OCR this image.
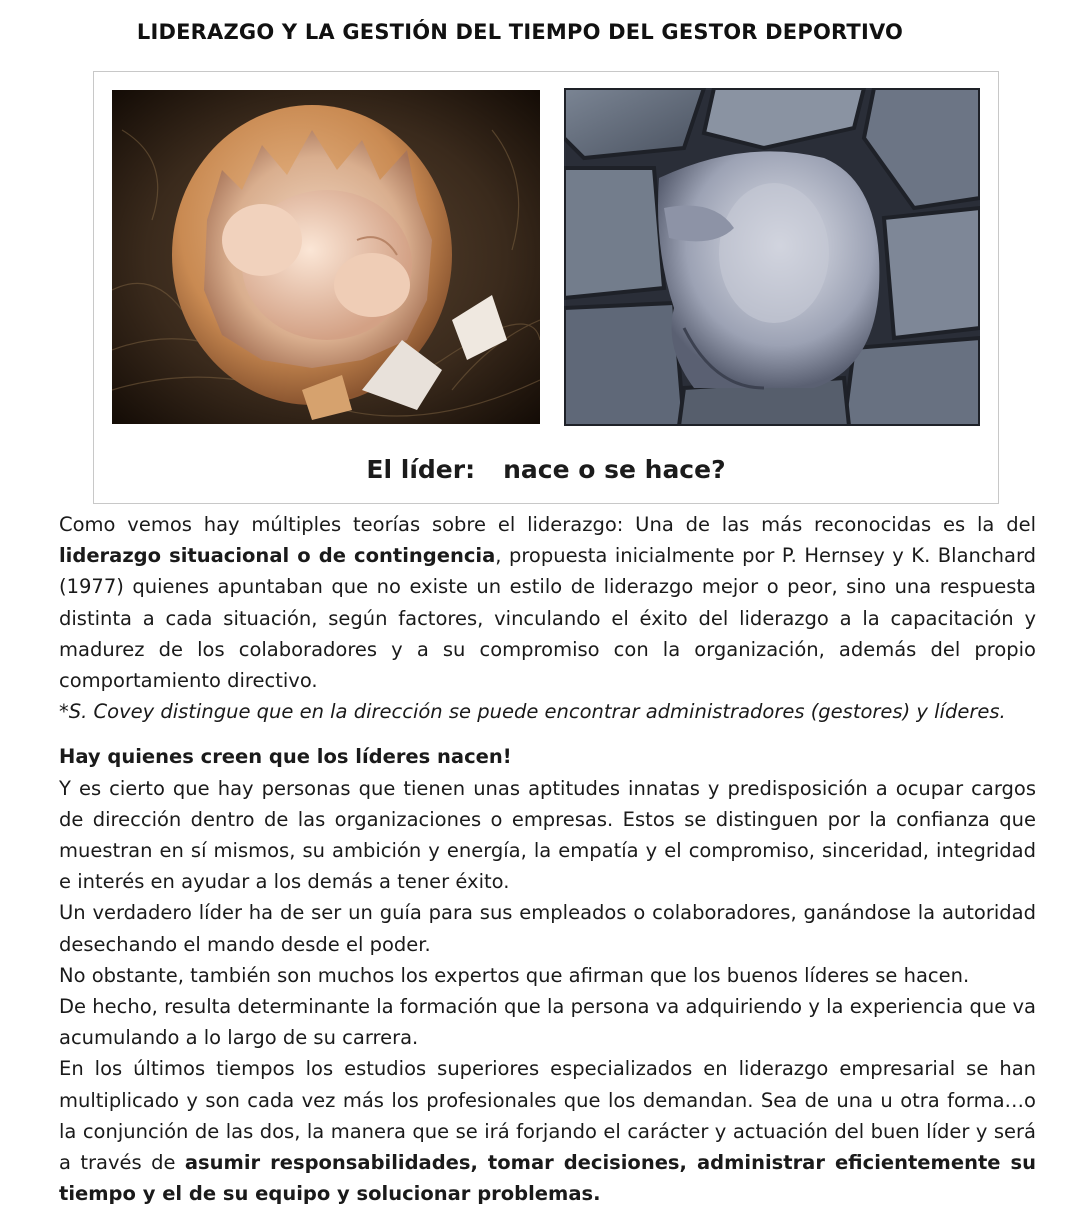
LIDERAZGO Y LA GESTIÓN DEL TIEMPO DEL GESTOR DEPORTIVO
El líder: nace o se hace?

Como vemos hay múltiples teorías sobre el liderazgo: Una de las más reconocidas es la del liderazgo situacional o de contingencia, propuesta inicialmente por P. Hernsey y K. Blanchard (1977) quienes apuntaban que no existe un estilo de liderazgo mejor o peor, sino una respuesta distinta a cada situación, según factores, vinculando el éxito del liderazgo a la capacitación y madurez de los colaboradores y a su compromiso con la organización, además del propio comportamiento directivo.

*S. Covey distingue que en la dirección se puede encontrar administradores (gestores) y líderes.

Hay quienes creen que los líderes nacen!

Y es cierto que hay personas que tienen unas aptitudes innatas y predisposición a ocupar cargos de dirección dentro de las organizaciones o empresas. Estos se distinguen por la confianza que muestran en sí mismos, su ambición y energía, la empatía y el compromiso, sinceridad, integridad e interés en ayudar a los demás a tener éxito.

Un verdadero líder ha de ser un guía para sus empleados o colaboradores, ganándose la autoridad desechando el mando desde el poder.

No obstante, también son muchos los expertos que afirman que los buenos líderes se hacen.

De hecho, resulta determinante la formación que la persona va adquiriendo y la experiencia que va acumulando a lo largo de su carrera.

En los últimos tiempos los estudios superiores especializados en liderazgo empresarial se han multiplicado y son cada vez más los profesionales que los demandan. Sea de una u otra forma…o la conjunción de las dos, la manera que se irá forjando el carácter y actuación del buen líder y será a través de asumir responsabilidades, tomar decisiones, administrar eficientemente su tiempo y el de su equipo y solucionar problemas.
